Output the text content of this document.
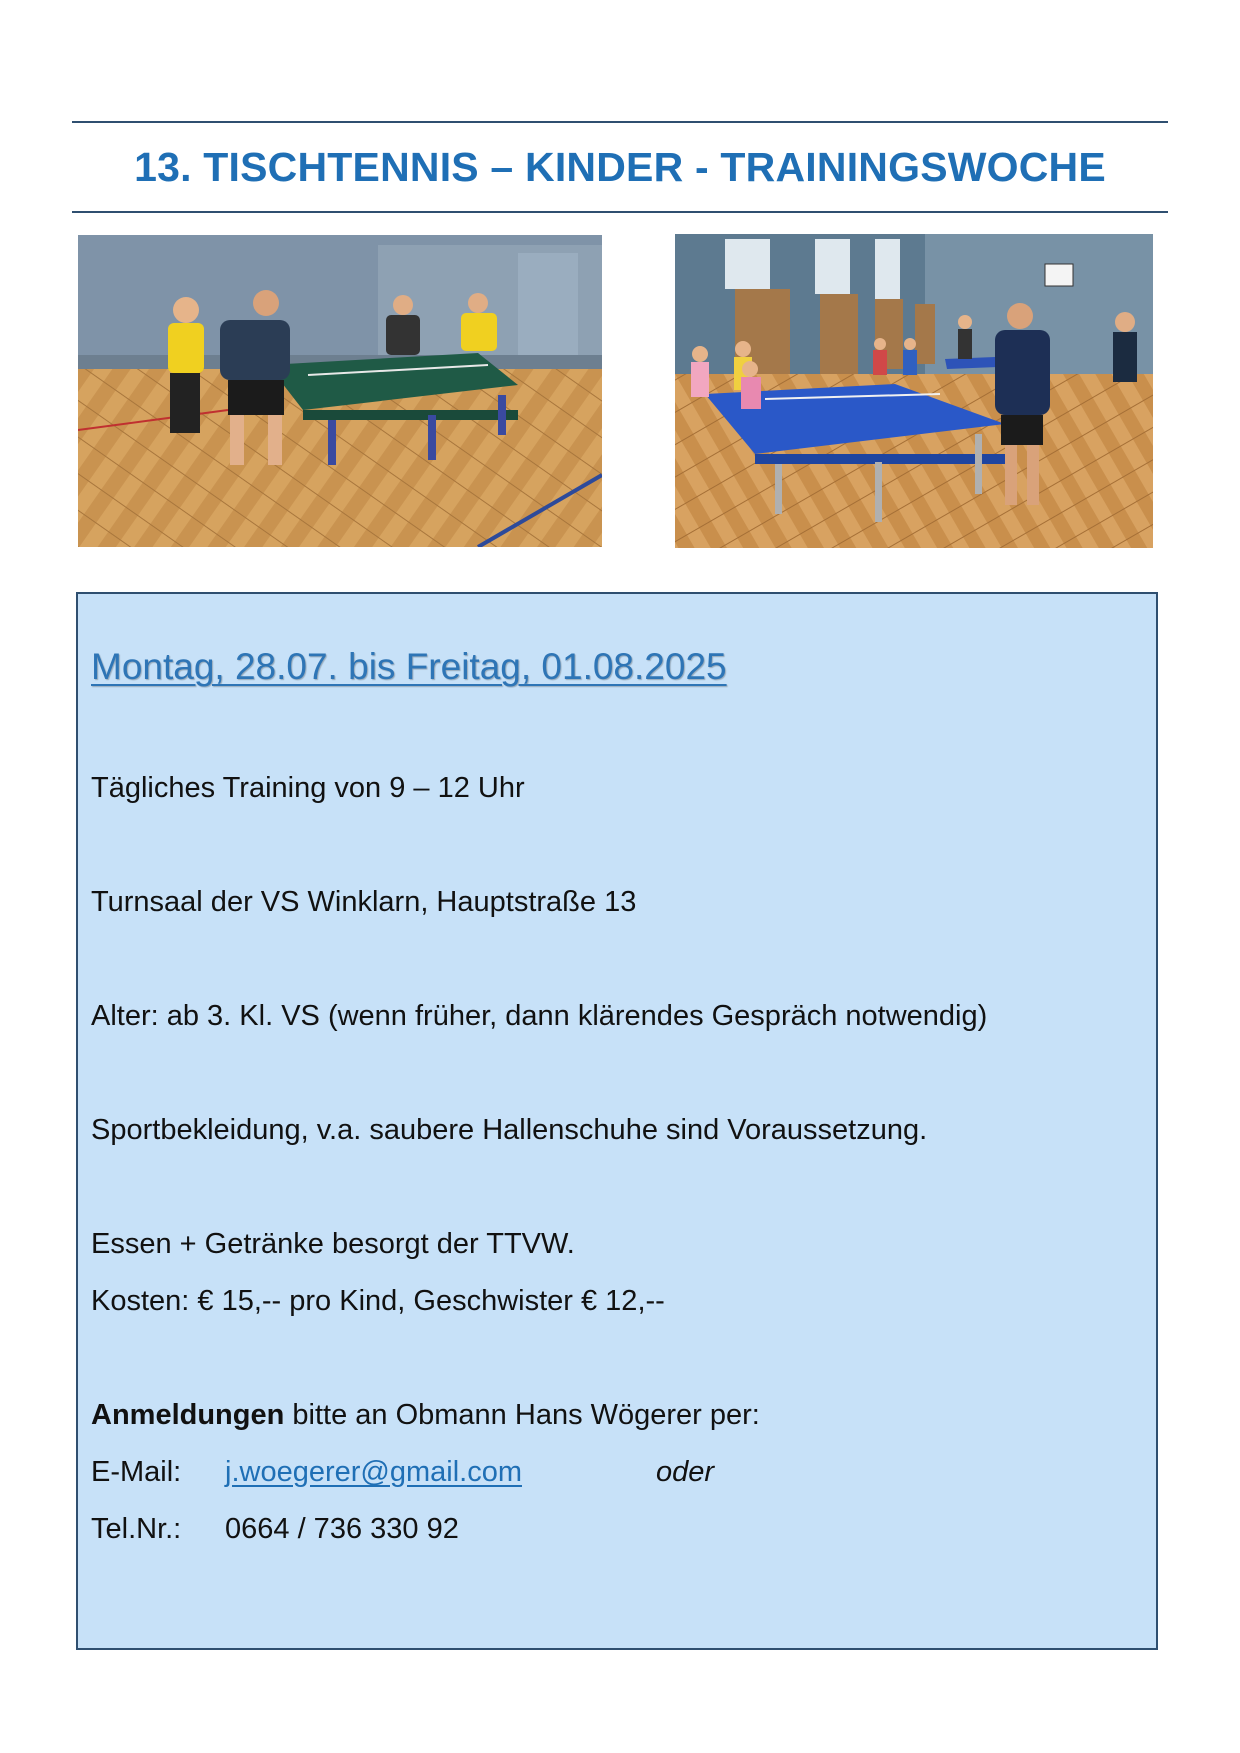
13. TISCHTENNIS – KINDER - TRAININGSWOCHE
Montag, 28.07. bis Freitag, 01.08.2025
Tägliches Training von 9 – 12 Uhr
Turnsaal der VS Winklarn, Hauptstraße 13
Alter: ab 3. Kl. VS (wenn früher, dann klärendes Gespräch notwendig)
Sportbekleidung, v.a. saubere Hallenschuhe sind Voraussetzung.
Essen + Getränke besorgt der TTVW.
Kosten: € 15,-- pro Kind, Geschwister € 12,--
Anmeldungen bitte an Obmann Hans Wögerer per:
E-Mail: j.woegerer@gmail.com	oder
Tel.Nr.: 0664 / 736 330 92
